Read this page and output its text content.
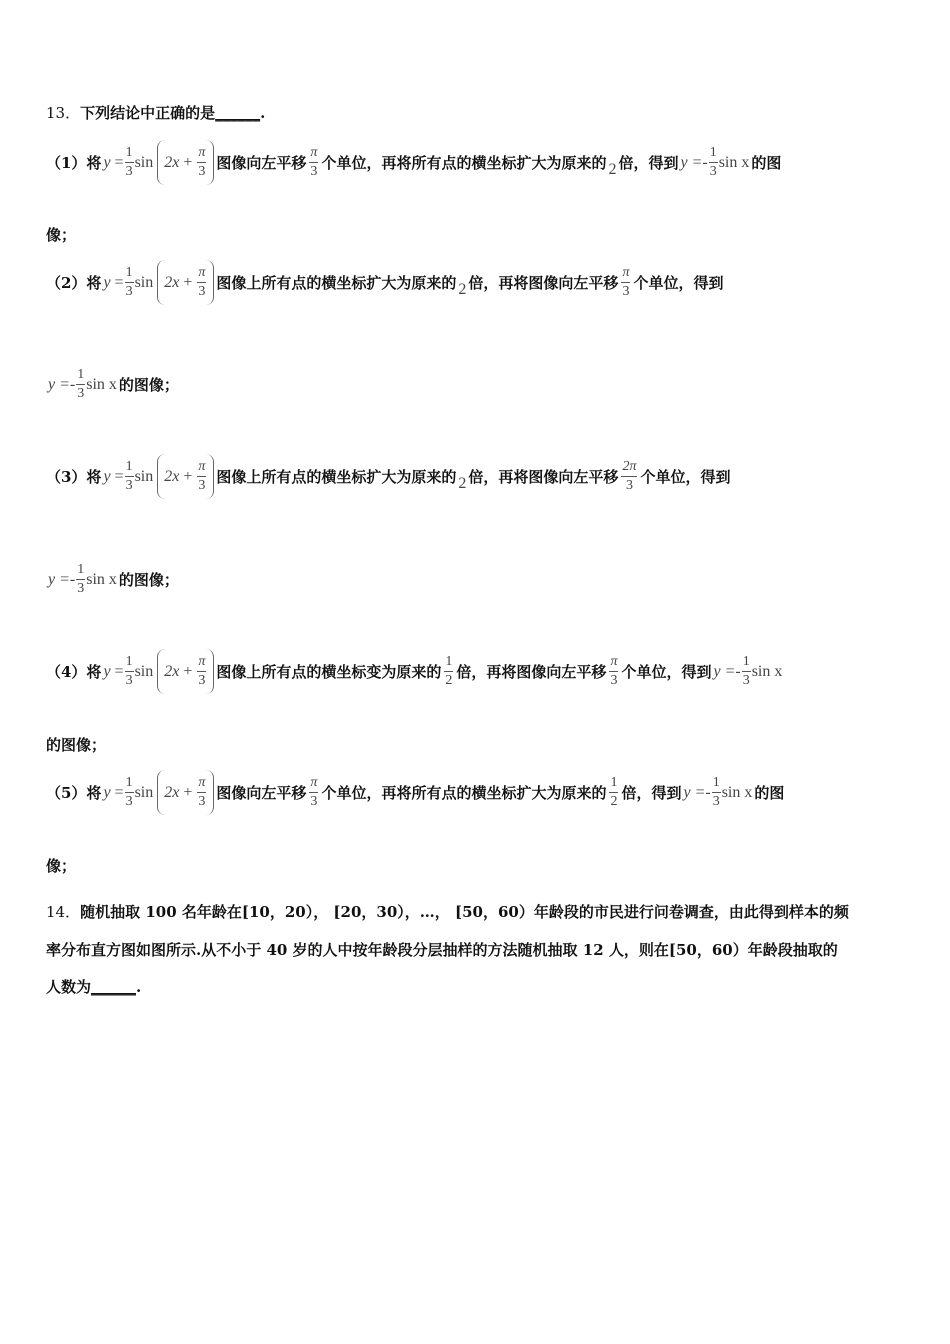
13． 下列结论中正确的是 ______ .
（1）将 y
= $\frac{1}{3}$ sin 2x
+
$\frac{\pi}{3}$ 图像向左平移 $\frac{\pi}{3}$ 个单位，再将所有点的横坐标扩大为原来的 2 倍，得到 $y =- \frac{1}{3}$ sin x 的图
像；
（2）将 y
= $\frac{1}{3}$ sin 2x
+
$\frac{\pi}{3}$ 图像上所有点的横坐标扩大为原来的 2 倍，再将图像向左平移 $\frac{\pi}{3}$ 个单位，得到
$y =- \frac{1}{3}$ sin x 的图像；
（3）将 y
= $\frac{1}{3}$ sin 2x
+
$\frac{\pi}{3}$ 图像上所有点的横坐标扩大为原来的 2 倍，再将图像向左平移 $\frac{2\pi}{3}$ 个单位，得到
$y =- \frac{1}{3}$ sin x 的图像；
（4）将 y
= $\frac{1}{3}$ sin 2x
+
$\frac{\pi}{3}$ 图像上所有点的横坐标变为原来的 $\frac{1}{2}$ 倍，再将图像向左平移 $\frac{\pi}{3}$ 个单位，得到 $y =- \frac{1}{3}$ sin x
的图像；
（5）将 y
= $\frac{1}{3}$ sin 2x
+
$\frac{\pi}{3}$ 图像向左平移 $\frac{\pi}{3}$ 个单位，再将所有点的横坐标扩大为原来的 $\frac{1}{2}$ 倍，得到 $y =- \frac{1}{3}$ sin x 的图
像；
14． 随机抽取 100 名年龄在[10，20）， [20，30），…， [50，60）年龄段的市民进行问卷调查，由此得到样本的频
率分布直方图如图所示.从不小于 40 岁的人中按年龄段分层抽样的方法随机抽取 12 人，则在[50，60）年龄段抽取的
人数为 ______ .
